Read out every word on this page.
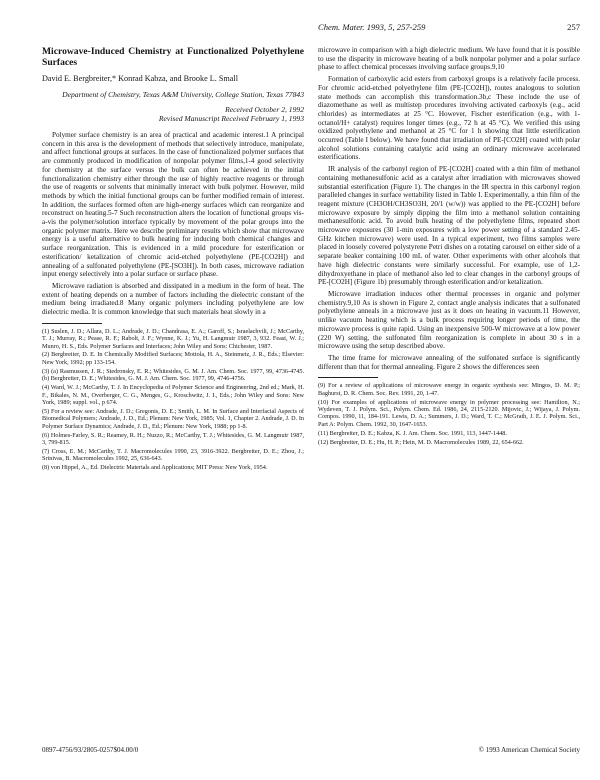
Chem. Mater. 1993, 5, 257-259	257
Microwave-Induced Chemistry at Functionalized Polyethylene Surfaces
David E. Bergbreiter,* Konrad Kabza, and Brooke L. Small
Department of Chemistry, Texas A&M University, College Station, Texas 77843
Received October 2, 1992
Revised Manuscript Received February 1, 1993

Polymer surface chemistry is an area of practical and academic interest.1 A principal concern in this area is the development of methods that selectively introduce, manipulate, and affect functional groups at surfaces. In the case of functionalized polymer surfaces that are commonly produced in modification of nonpolar polymer films,1-4 good selectivity for chemistry at the surface versus the bulk can often be achieved in the initial functionalization chemistry either through the use of highly reactive reagents or through the use of reagents or solvents that minimally interact with bulk polymer. However, mild methods by which the initial functional groups can be further modified remain of interest. In addition, the surfaces formed often are high-energy surfaces which can reorganize and reconstruct on heating.5-7 Such reconstruction alters the location of functional groups vis-a-vis the polymer/solution interface typically by movement of the polar groups into the organic polymer matrix. Here we describe preliminary results which show that microwave energy is a useful alternative to bulk heating for inducing both chemical changes and surface reorganization. This is evidenced in a mild procedure for esterification or esterification/ ketalization of chromic acid-etched polyethylene (PE-[CO2H]) and annealing of a sulfonated polyethylene (PE-[SO3H]). In both cases, microwave radiation input energy selectively into a polar surface or surface phase.

Microwave radiation is absorbed and dissipated in a medium in the form of heat. The extent of heating depends on a number of factors including the dielectric constant of the medium being irradiated.8 Many organic polymers including polyethylene are low dielectric media. It is common knowledge that such materials heat slowly in a

(1) Suslen, J. D.; Allara, D. L.; Andrade, J. D.; Chandrasa, E. A.; Garoff, S.; Israelachvili, J.; McCarthy, T. J.; Murray, R.; Pease, R. F.; Rabolt, J. F.; Wynne, K. J.; Yu, H. Langmuir 1987, 3, 932. Feast, W. J.; Munro, H. S., Eds. Polymer Surfaces and Interfaces; John Wiley and Sons: Chichester, 1987.
(2) Bergbreiter, D. E. In Chemically Modified Surfaces; Mottola, H. A., Steinmetz, J. R., Eds.; Elsevier: New York, 1992; pp 133-154.
(3) (a) Rasmussen, J. R.; Stedronsky, E. R.; Whitesides, G. M. J. Am. Chem. Soc. 1977, 99, 4736-4745. (b) Bergbreiter, D. E.; Whitesides, G. M. J. Am. Chem. Soc. 1977, 99, 4746-4756.
(4) Ward, W. J.; McCarthy, T. J. In Encyclopedia of Polymer Science and Engineering, 2nd ed.; Mark, H. F., Bikales, N. M., Overberger, C. G., Menges, G., Kroschwitz, J. I., Eds.; John Wiley and Sons: New York, 1989; suppl. vol., p 674.
(5) For a review see: Andrade, J. D.; Gregonis, D. E.; Smith, L. M. In Surface and Interfacial Aspects of Biomedical Polymers; Andrade, J. D., Ed.; Plenum: New York, 1985; Vol. 1, Chapter 2. Andrade, J. D. In Polymer Surface Dynamics; Andrade, J. D., Ed.; Plenum: New York, 1988; pp 1-8.
(6) Holmes-Farley, S. R.; Reamey, R. H.; Nuzzo, R.; McCarthy, T. J.; Whitesides, G. M. Langmuir 1987, 3, 799-815.
(7) Cross, E. M.; McCarthy, T. J. Macromolecules 1990, 23, 3916-3922. Bergbreiter, D. E.; Zhou, J.; Srinivas, B. Macromolecules 1992, 25, 636-643.
(8) von Hippel, A., Ed. Dielectric Materials and Applications; MIT Press: New York, 1954.

microwave in comparison with a high dielectric medium. We have found that it is possible to use the disparity in microwave heating of a bulk nonpolar polymer and a polar surface phase to affect chemical processes involving surface groups.9,10

Formation of carboxylic acid esters from carboxyl groups is a relatively facile process. For chromic acid-etched polyethylene film (PE-[CO2H]), routes analogous to solution state methods can accomplish this transformation.3b,c These include the use of diazomethane as well as multistep procedures involving activated carboxyls (e.g., acid chlorides) as intermediates at 25 °C. However, Fischer esterification (e.g., with 1-octanol/H+ catalyst) requires longer times (e.g., 72 h at 45 °C). We verified this using oxidized polyethylene and methanol at 25 °C for 1 h showing that little esterification occurred (Table I below). We have found that irradiation of PE-[CO2H] coated with polar alcohol solutions containing catalytic acid using an ordinary microwave accelerated esterifications.

IR analysis of the carbonyl region of PE-[CO2H] coated with a thin film of methanol containing methanesulfonic acid as a catalyst after irradiation with microwaves showed substantial esterification (Figure 1). The changes in the IR spectra in this carbonyl region paralleled changes in surface wettability listed in Table I. Experimentally, a thin film of the reagent mixture (CH3OH/CH3SO3H, 20/1 (w/w)) was applied to the PE-[CO2H] before microwave exposure by simply dipping the film into a methanol solution containing methanesulfonic acid. To avoid bulk heating of the polyethylene films, repeated short microwave exposures (30 1-min exposures with a low power setting of a standard 2.45-GHz kitchen microwave) were used. In a typical experiment, two films samples were placed in loosely covered polystyrene Petri dishes on a rotating carousel on either side of a separate beaker containing 100 mL of water. Other experiments with other alcohols that have high dielectric constants were similarly successful. For example, use of 1,2-dihydroxyethane in place of methanol also led to clear changes in the carbonyl groups of PE-[CO2H] (Figure 1b) presumably through esterification and/or ketalization.

Microwave irradiation induces other thermal processes in organic and polymer chemistry.9,10 As is shown in Figure 2, contact angle analysis indicates that a sulfonated polyethylene anneals in a microwave just as it does on heating in vacuum.11 However, unlike vacuum heating which is a bulk process requiring longer periods of time, the microwave process is quite rapid. Using an inexpensive 500-W microwave at a low power (220 W) setting, the sulfonated film reorganization is complete in about 30 s in a microwave using the setup described above.

The time frame for microwave annealing of the sulfonated surface is significantly different than that for thermal annealing. Figure 2 shows the differences seen

(9) For a review of applications of microwave energy in organic synthesis see: Mingos, D. M. P.; Baghurst, D. R. Chem. Soc. Rev. 1991, 20, 1-47.
(10) For examples of applications of microwave energy in polymer processing see: Hamilton, N.; Wydeven, T. J. Polym. Sci., Polym. Chem. Ed. 1986, 24, 2115-2120. Mijovic, J.; Wijaya, J. Polym. Compos. 1990, 11, 184-191. Lewis, D. A.; Summers, J. D.; Ward, T. C.; McGrath, J. E. J. Polym. Sci., Part A: Polym. Chem. 1992, 30, 1647-1653.
(11) Bergbreiter, D. E.; Kabza, K. J. Am. Chem. Soc. 1991, 113, 1447-1448.
(12) Bergbreiter, D. E.; Hu, H. P.; Hein, M. D. Macromolecules 1989, 22, 654-662.
0897-4756/93/2805-0257$04.00/0	© 1993 American Chemical Society
